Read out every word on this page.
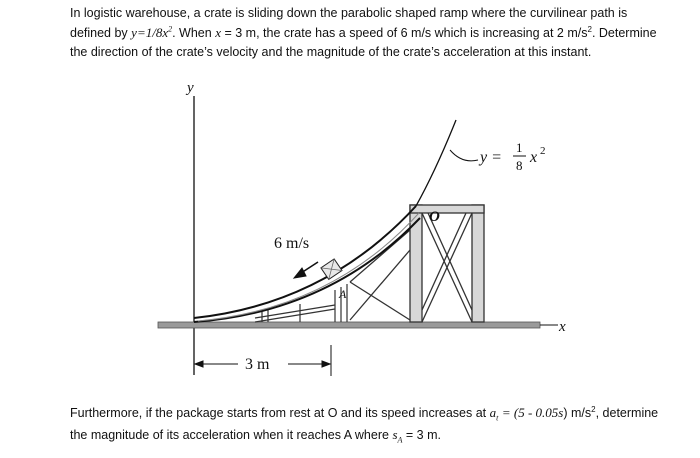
In logistic warehouse, a crate is sliding down the parabolic shaped ramp where the curvilinear path is defined by $y=1/8x^2$. When x = 3 m, the crate has a speed of 6 m/s which is increasing at 2 $m/s^2$. Determine the direction of the crate’s velocity and the magnitude of the crate’s acceleration at this instant.

y
x
y =
1
8 x 2
6 m/s
O
A
3 m

Furthermore, if the package starts from rest at O and its speed increases at $a_t = (5 - 0.05s)$ $m/s^2$, determine the magnitude of its acceleration when it reaches A where $s_A = 3$ m.
